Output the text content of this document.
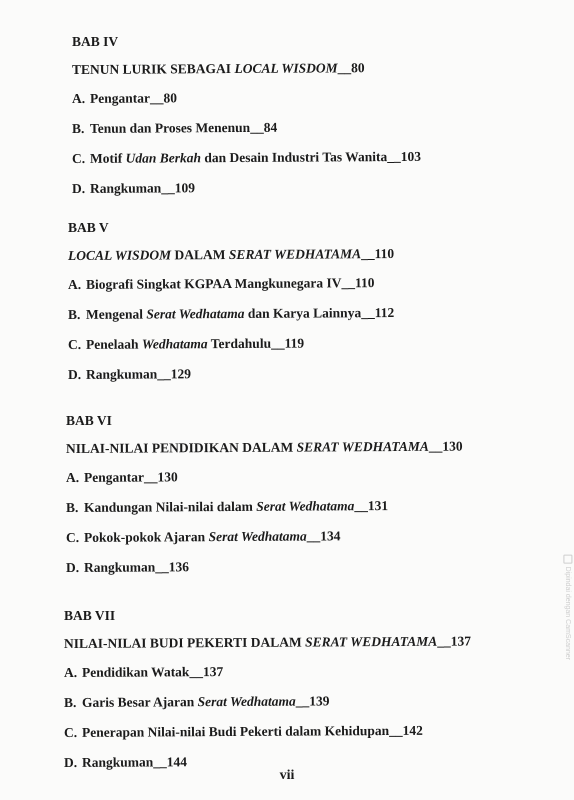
BAB IV
TENUN LURIK SEBAGAI LOCAL WISDOM__80
A. Pengantar__80
B. Tenun dan Proses Menenun__84
C. Motif Udan Berkah dan Desain Industri Tas Wanita__103
D. Rangkuman__109
BAB V
LOCAL WISDOM DALAM SERAT WEDHATAMA__110
A. Biografi Singkat KGPAA Mangkunegara IV__110
B. Mengenal Serat Wedhatama dan Karya Lainnya__112
C. Penelaah Wedhatama Terdahulu__119
D. Rangkuman__129
BAB VI
NILAI-NILAI PENDIDIKAN DALAM SERAT WEDHATAMA__130
A. Pengantar__130
B. Kandungan Nilai-nilai dalam Serat Wedhatama__131
C. Pokok-pokok Ajaran Serat Wedhatama__134
D. Rangkuman__136
BAB VII
NILAI-NILAI BUDI PEKERTI DALAM SERAT WEDHATAMA__137
A. Pendidikan Watak__137
B. Garis Besar Ajaran Serat Wedhatama__139
C. Penerapan Nilai-nilai Budi Pekerti dalam Kehidupan__142
D. Rangkuman__144
vii
Dipindai dengan CamScanner
